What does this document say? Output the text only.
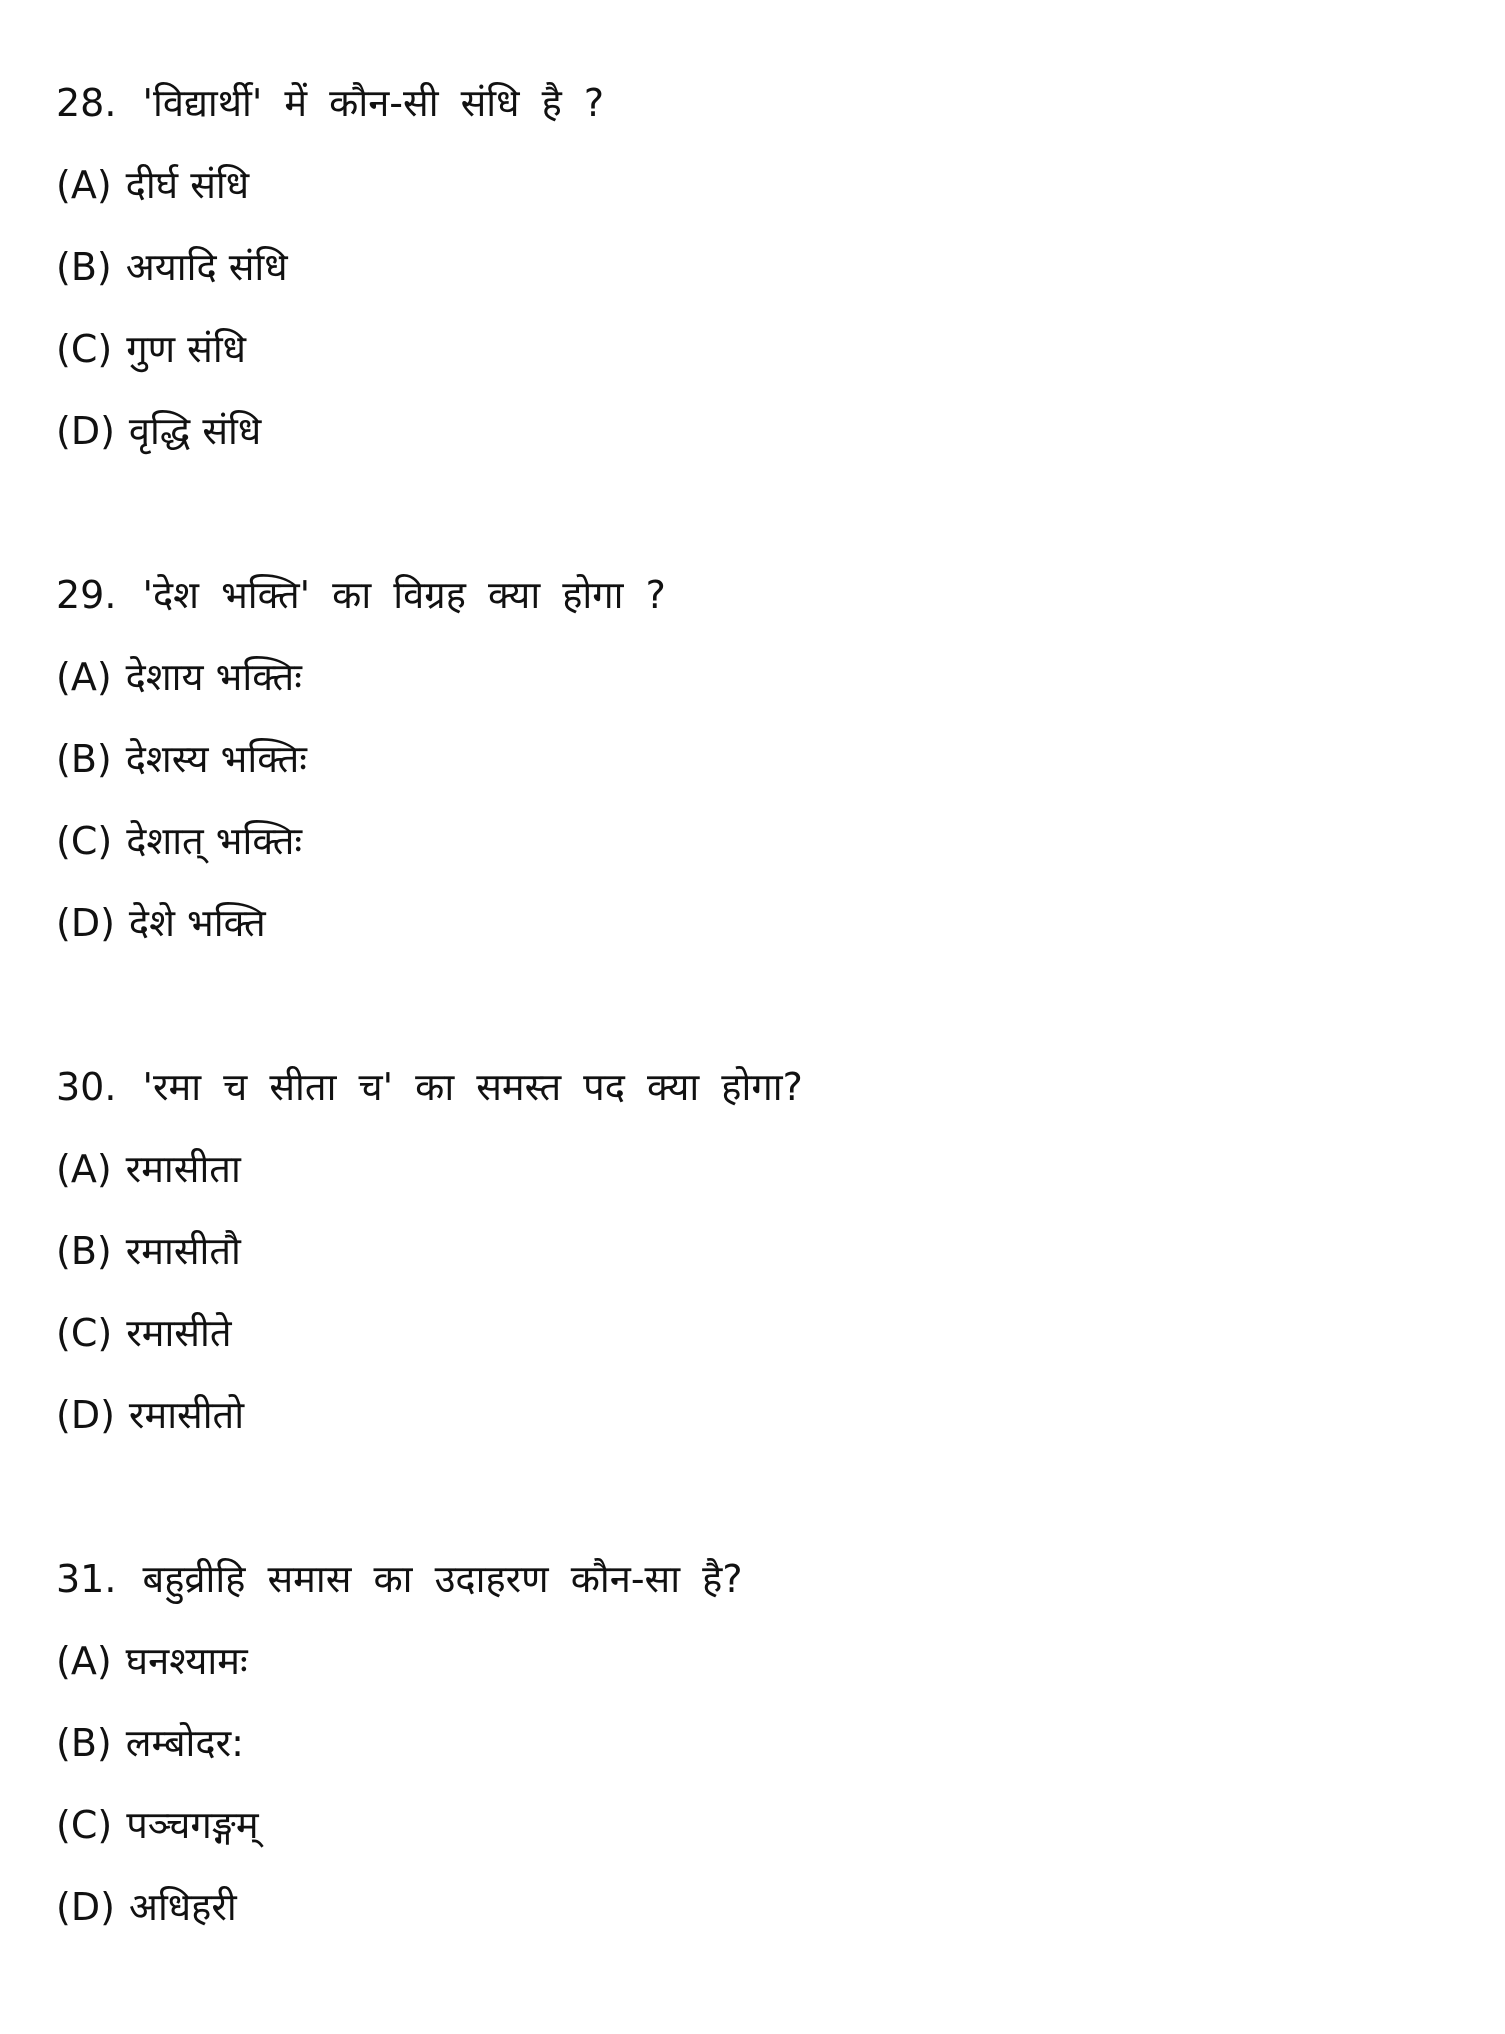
28. 'विद्यार्थी' में कौन-सी संधि है ?
(A) दीर्घ संधि
(B) अयादि संधि
(C) गुण संधि
(D) वृद्धि संधि
29. 'देश भक्ति' का विग्रह क्या होगा ?
(A) देशाय भक्तिः
(B) देशस्य भक्तिः
(C) देशात् भक्तिः
(D) देशे भक्ति
30. 'रमा च सीता च' का समस्त पद क्या होगा?
(A) रमासीता
(B) रमासीतौ
(C) रमासीते
(D) रमासीतो
31. बहुव्रीहि समास का उदाहरण कौन-सा है?
(A) घनश्यामः
(B) लम्बोदर:
(C) पञ्चगङ्गम्
(D) अधिहरी
